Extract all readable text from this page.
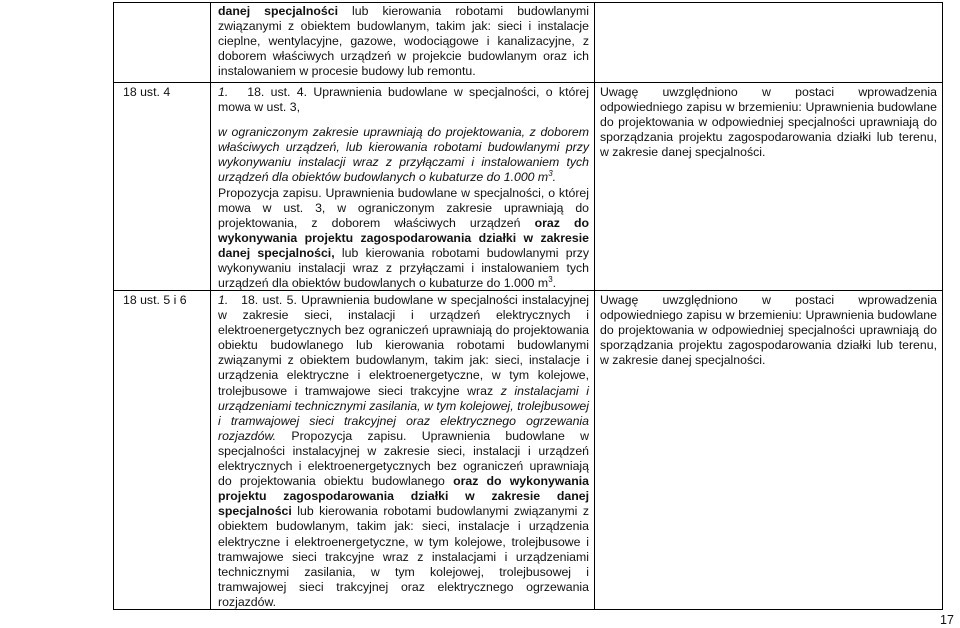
danej specjalności lub kierowania robotami budowlanymi związanymi z obiektem budowlanym, takim jak: sieci i instalacje cieplne, wentylacyjne, gazowe, wodociągowe i kanalizacyjne, z doborem właściwych urządzeń w projekcie budowlanym oraz ich instalowaniem w procesie budowy lub remontu.
18 ust. 4	1.   18. ust. 4. Uprawnienia budowlane w specjalności, o której mowa w ust. 3,
w ograniczonym zakresie uprawniają do projektowania, z doborem właściwych urządzeń, lub kierowania robotami budowlanymi przy wykonywaniu instalacji wraz z przyłączami i instalowaniem tych urządzeń dla obiektów budowlanych o kubaturze do 1.000 $m^3$.
Propozycja zapisu. Uprawnienia budowlane w specjalności, o której mowa w ust. 3, w ograniczonym zakresie uprawniają do projektowania, z doborem właściwych urządzeń oraz do wykonywania projektu zagospodarowania działki w zakresie danej specjalności, lub kierowania robotami budowlanymi przy wykonywaniu instalacji wraz z przyłączami i instalowaniem tych urządzeń dla obiektów budowlanych o kubaturze do 1.000 $m^3$.
Uwagę uwzględniono w postaci wprowadzenia odpowiedniego zapisu w brzemieniu: Uprawnienia budowlane do projektowania w odpowiedniej specjalności uprawniają do sporządzania projektu zagospodarowania działki lub terenu, w zakresie danej specjalności.
18 ust. 5 i 6	1.   18. ust. 5. Uprawnienia budowlane w specjalności instalacyjnej w zakresie sieci, instalacji i urządzeń elektrycznych i elektroenergetycznych bez ograniczeń uprawniają do projektowania obiektu budowlanego lub kierowania robotami budowlanymi związanymi z obiektem budowlanym, takim jak: sieci, instalacje i urządzenia elektryczne i elektroenergetyczne, w tym kolejowe, trolejbusowe i tramwajowe sieci trakcyjne wraz z instalacjami i urządzeniami technicznymi zasilania, w tym kolejowej, trolejbusowej i tramwajowej sieci trakcyjnej oraz elektrycznego ogrzewania rozjazdów. Propozycja zapisu. Uprawnienia budowlane w specjalności instalacyjnej w zakresie sieci, instalacji i urządzeń elektrycznych i elektroenergetycznych bez ograniczeń uprawniają do projektowania obiektu budowlanego oraz do wykonywania projektu zagospodarowania działki w zakresie danej specjalności lub kierowania robotami budowlanymi związanymi z obiektem budowlanym, takim jak: sieci, instalacje i urządzenia elektryczne i elektroenergetyczne, w tym kolejowe, trolejbusowe i tramwajowe sieci trakcyjne wraz z instalacjami i urządzeniami technicznymi zasilania, w tym kolejowej, trolejbusowej i tramwajowej sieci trakcyjnej oraz elektrycznego ogrzewania rozjazdów.
Uwagę uwzględniono w postaci wprowadzenia odpowiedniego zapisu w brzemieniu: Uprawnienia budowlane do projektowania w odpowiedniej specjalności uprawniają do sporządzania projektu zagospodarowania działki lub terenu, w zakresie danej specjalności.
17
